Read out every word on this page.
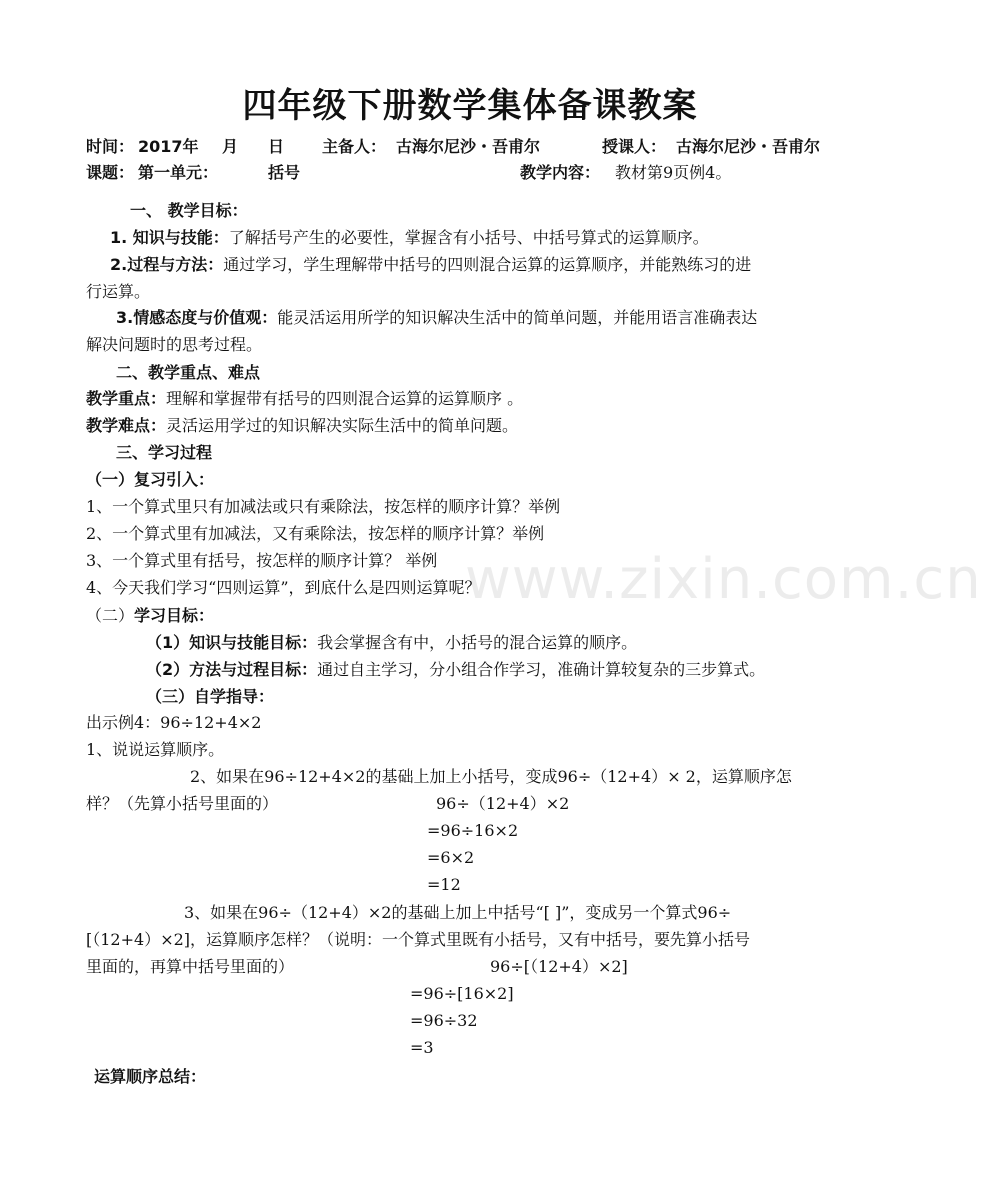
www.zixin.com.cn
四年级下册数学集体备课教案
时间： 2017年 月 日 主备人： 古海尔尼沙・吾甫尔	授课人： 古海尔尼沙・吾甫尔
课题： 第一单元：	括号	教学内容： 教材第9页例4。
一、 教学目标：
1. 知识与技能：了解括号产生的必要性，掌握含有小括号、中括号算式的运算顺序。
2.过程与方法：通过学习，学生理解带中括号的四则混合运算的运算顺序，并能熟练习的进
行运算。
3.情感态度与价值观：能灵活运用所学的知识解决生活中的简单问题，并能用语言准确表达
解决问题时的思考过程。
二、教学重点、难点
教学重点：理解和掌握带有括号的四则混合运算的运算顺序 。
教学难点：灵活运用学过的知识解决实际生活中的简单问题。
三、学习过程
（一）复习引入：
1、一个算式里只有加减法或只有乘除法，按怎样的顺序计算？举例
2、一个算式里有加减法，又有乘除法，按怎样的顺序计算？举例
3、一个算式里有括号，按怎样的顺序计算？ 举例
4、今天我们学习“四则运算”，到底什么是四则运算呢？
（二）学习目标：
（1）知识与技能目标：我会掌握含有中，小括号的混合运算的顺序。
（2）方法与过程目标：通过自主学习，分小组合作学习，准确计算较复杂的三步算式。
（三）自学指导：
出示例4：96÷12+4×2
1、说说运算顺序。
2、如果在96÷12+4×2的基础上加上小括号，变成96÷（12+4）× 2，运算顺序怎
样？（先算小括号里面的）	96÷（12+4）×2
=96÷16×2
=6×2
=12
3、如果在96÷（12+4）×2的基础上加上中括号“[ ]”，变成另一个算式96÷
[（12+4）×2]，运算顺序怎样？（说明：一个算式里既有小括号，又有中括号，要先算小括号
里面的，再算中括号里面的）	96÷[（12+4）×2]
=96÷[16×2]
=96÷32
=3
运算顺序总结：
